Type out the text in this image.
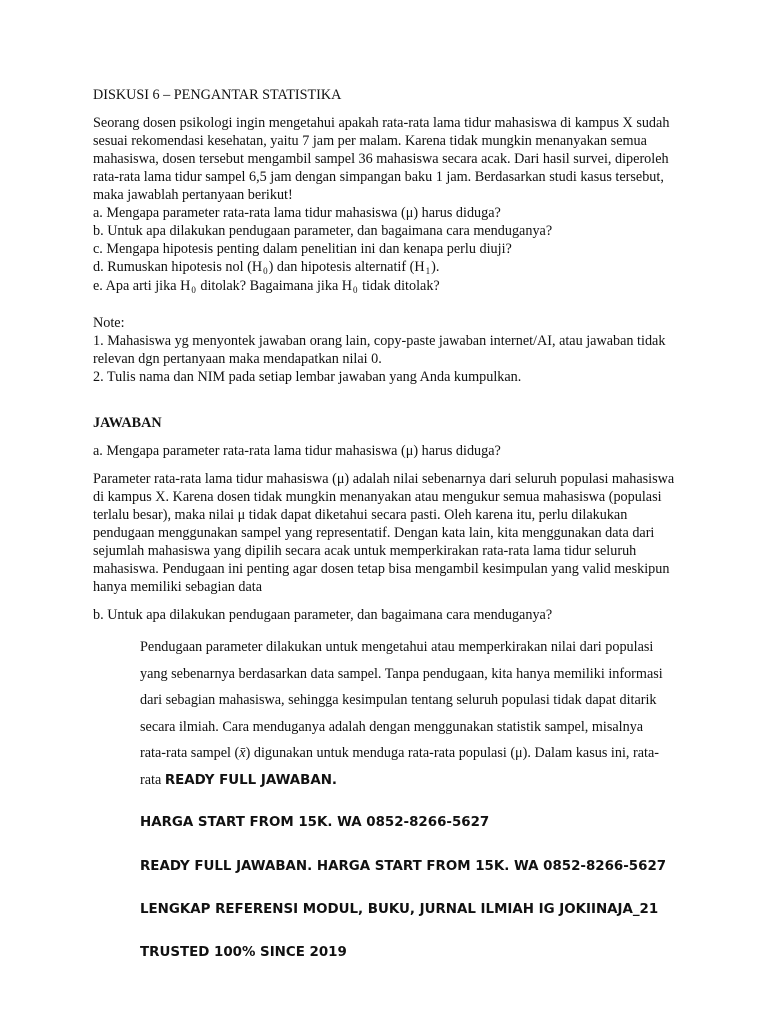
DISKUSI 6 – PENGANTAR STATISTIKA

Seorang dosen psikologi ingin mengetahui apakah rata-rata lama tidur mahasiswa di kampus X sudah sesuai rekomendasi kesehatan, yaitu 7 jam per malam. Karena tidak mungkin menanyakan semua mahasiswa, dosen tersebut mengambil sampel 36 mahasiswa secara acak. Dari hasil survei, diperoleh rata-rata lama tidur sampel 6,5 jam dengan simpangan baku 1 jam. Berdasarkan studi kasus tersebut, maka jawablah pertanyaan berikut!

a. Mengapa parameter rata-rata lama tidur mahasiswa (μ) harus diduga?

b. Untuk apa dilakukan pendugaan parameter, dan bagaimana cara menduganya?

c. Mengapa hipotesis penting dalam penelitian ini dan kenapa perlu diuji?

d. Rumuskan hipotesis nol $(H_0)$ dan hipotesis alternatif $(H_1)$.

e. Apa arti jika $H_0$ ditolak? Bagaimana jika $H_0$ tidak ditolak?

Note:

1. Mahasiswa yg menyontek jawaban orang lain, copy-paste jawaban internet/AI, atau jawaban tidak relevan dgn pertanyaan maka mendapatkan nilai 0.

2. Tulis nama dan NIM pada setiap lembar jawaban yang Anda kumpulkan.

JAWABAN

a. Mengapa parameter rata-rata lama tidur mahasiswa (μ) harus diduga?

Parameter rata-rata lama tidur mahasiswa (μ) adalah nilai sebenarnya dari seluruh populasi mahasiswa di kampus X. Karena dosen tidak mungkin menanyakan atau mengukur semua mahasiswa (populasi terlalu besar), maka nilai μ tidak dapat diketahui secara pasti. Oleh karena itu, perlu dilakukan pendugaan menggunakan sampel yang representatif. Dengan kata lain, kita menggunakan data dari sejumlah mahasiswa yang dipilih secara acak untuk memperkirakan rata-rata lama tidur seluruh mahasiswa. Pendugaan ini penting agar dosen tetap bisa mengambil kesimpulan yang valid meskipun hanya memiliki sebagian data

b. Untuk apa dilakukan pendugaan parameter, dan bagaimana cara menduganya?

Pendugaan parameter dilakukan untuk mengetahui atau memperkirakan nilai dari populasi yang sebenarnya berdasarkan data sampel. Tanpa pendugaan, kita hanya memiliki informasi dari sebagian mahasiswa, sehingga kesimpulan tentang seluruh populasi tidak dapat ditarik secara ilmiah. Cara menduganya adalah dengan menggunakan statistik sampel, misalnya rata-rata sampel (x̄) digunakan untuk menduga rata-rata populasi (μ). Dalam kasus ini, rata-rata READY FULL JAWABAN.

HARGA START FROM 15K. WA 0852-8266-5627

READY FULL JAWABAN. HARGA START FROM 15K. WA 0852-8266-5627

LENGKAP REFERENSI MODUL, BUKU, JURNAL ILMIAH IG JOKIINAJA_21

TRUSTED 100% SINCE 2019
